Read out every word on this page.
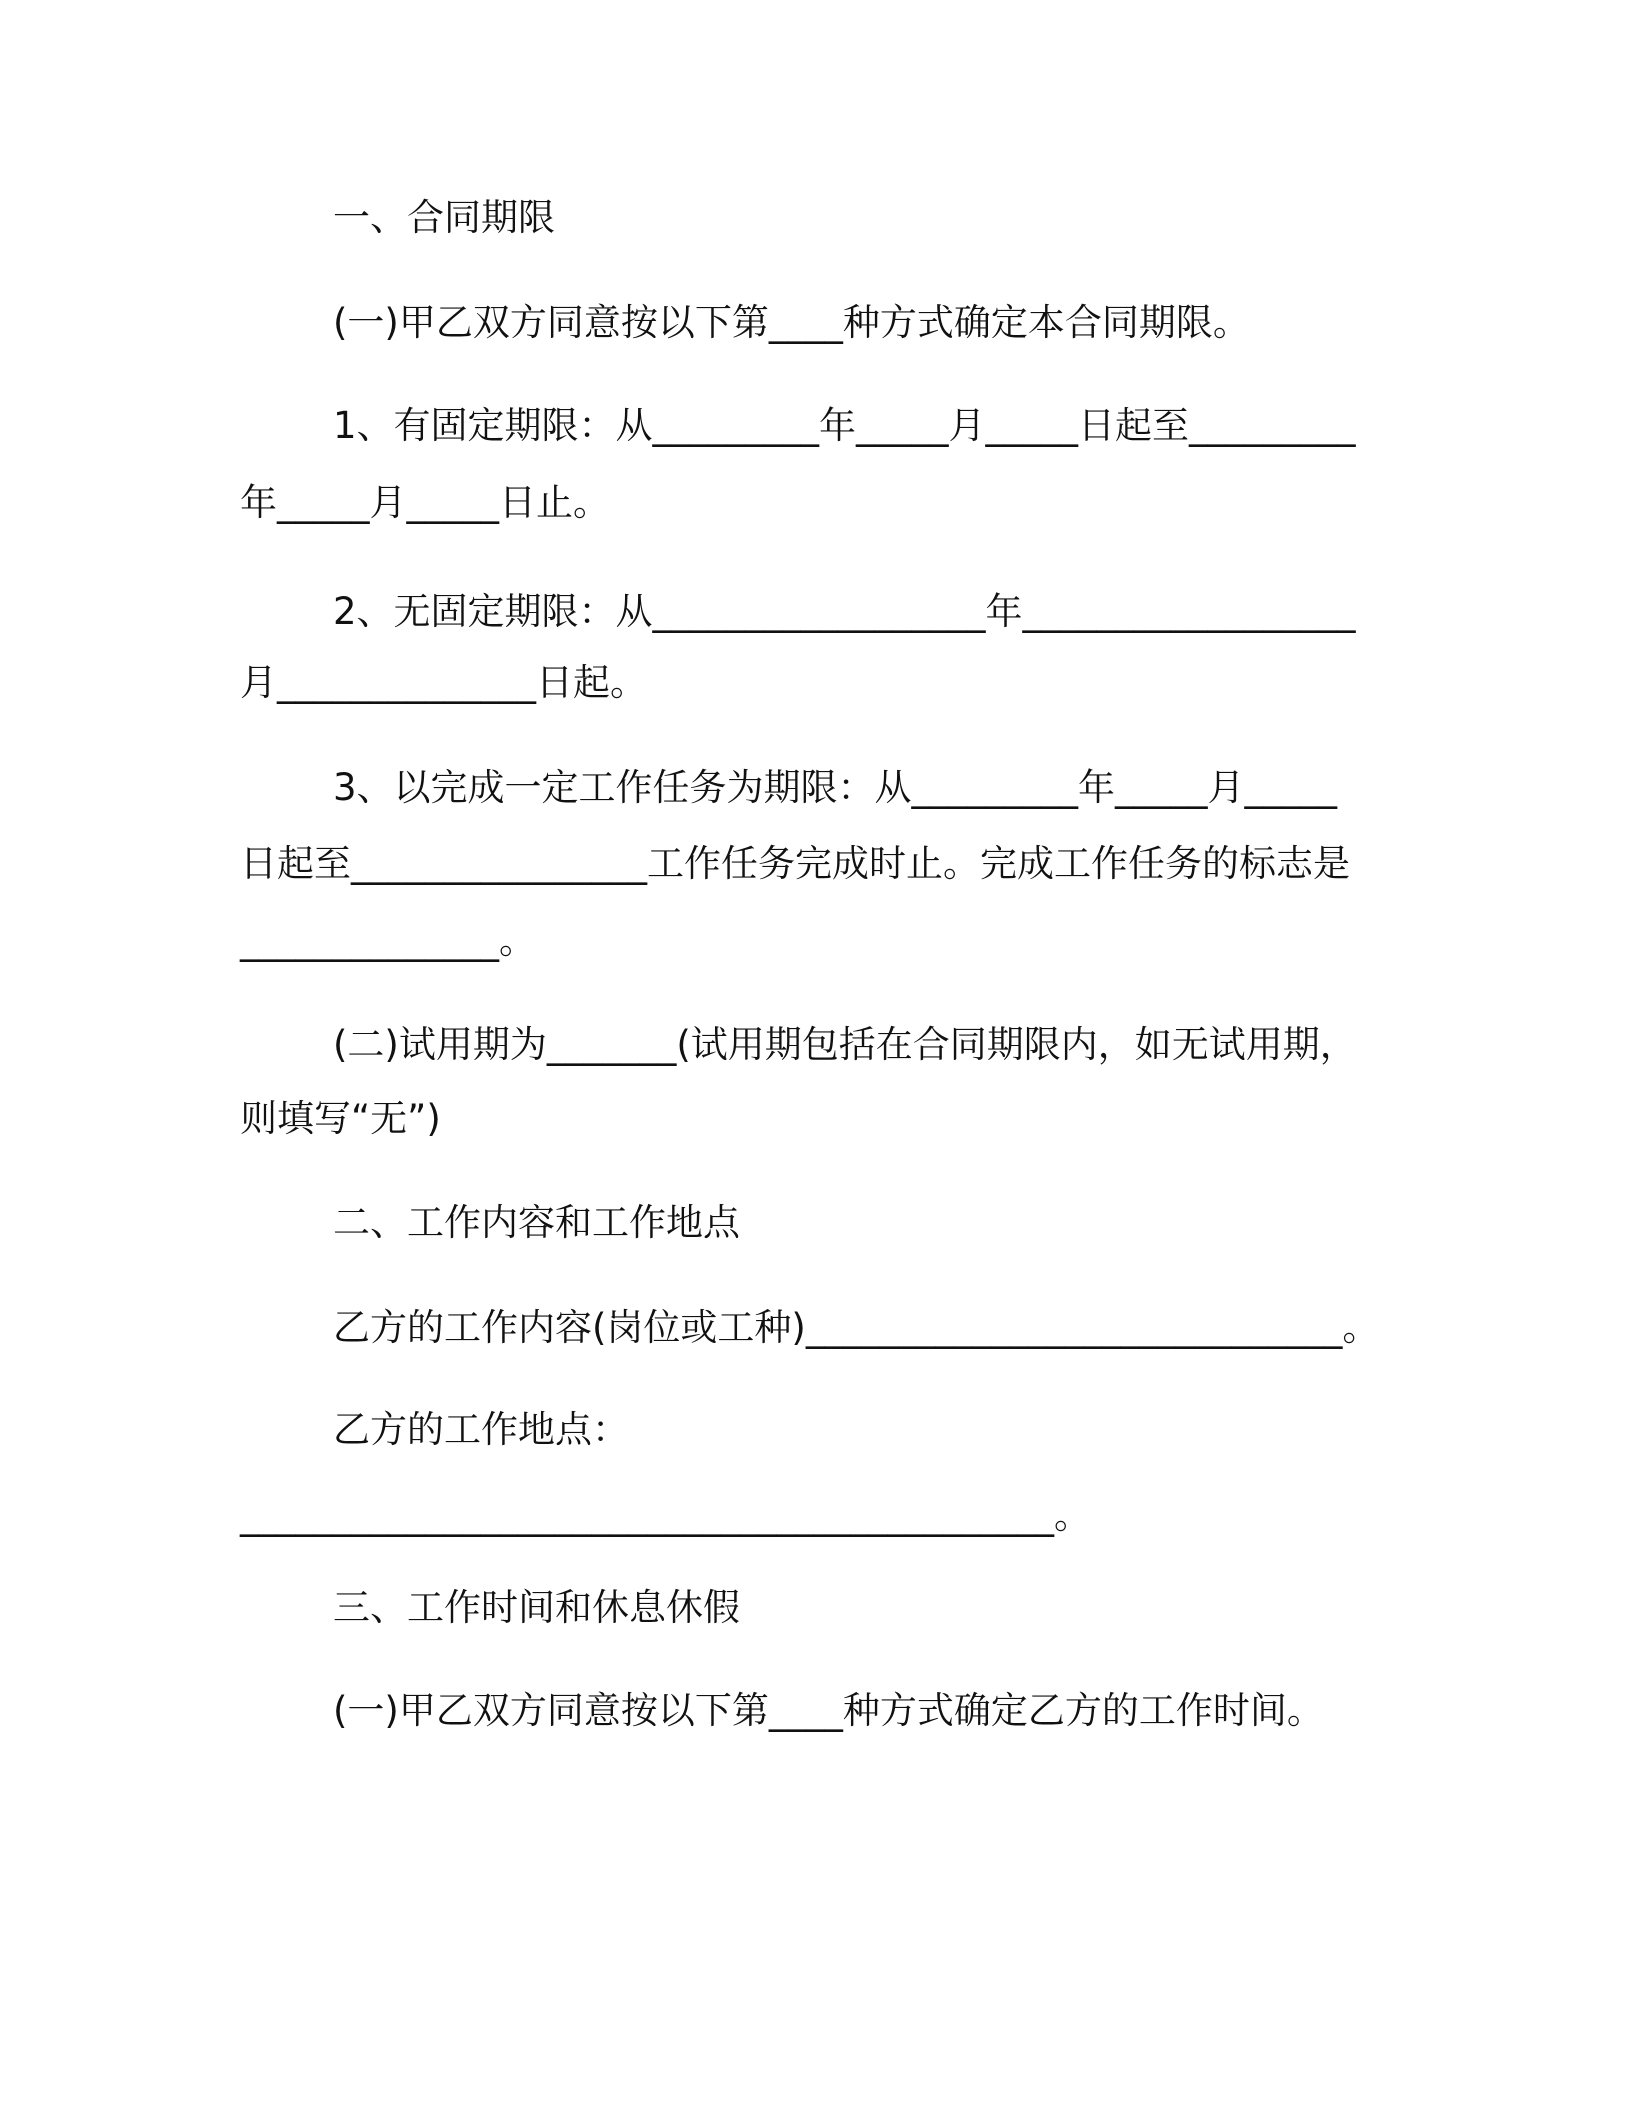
一、合同期限
(一)甲乙双方同意按以下第____种方式确定本合同期限。
1、有固定期限：从_________年_____月_____日起至_________
年_____月_____日止。
2、无固定期限：从__________________年__________________
月______________日起。
3、以完成一定工作任务为期限：从_________年_____月_____
日起至________________工作任务完成时止。完成工作任务的标志是
______________。
(二)试用期为_______(试用期包括在合同期限内，如无试用期，
则填写“无”)
二、工作内容和工作地点
乙方的工作内容(岗位或工种)_____________________________。
乙方的工作地点：
____________________________________________。
三、工作时间和休息休假
(一)甲乙双方同意按以下第____种方式确定乙方的工作时间。
